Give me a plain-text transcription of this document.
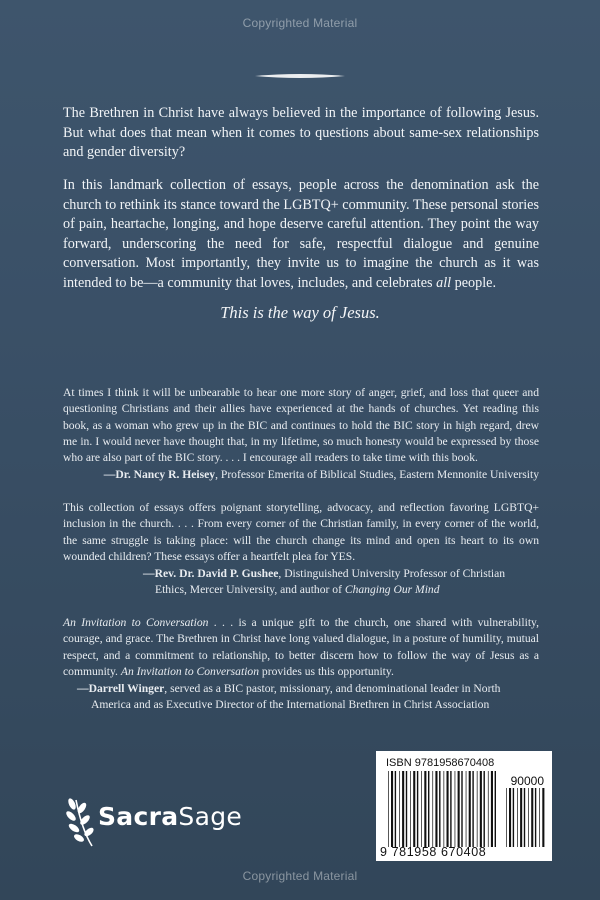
Copyrighted Material

The Brethren in Christ have always believed in the importance of following Jesus. But what does that mean when it comes to questions about same-sex relationships and gender diversity?

In this landmark collection of essays, people across the denomination ask the church to rethink its stance toward the LGBTQ+ community. These personal stories of pain, heartache, longing, and hope deserve careful attention. They point the way forward, underscoring the need for safe, respectful dialogue and genuine conversation. Most importantly, they invite us to imagine the church as it was intended to be—a community that loves, includes, and celebrates all people.

This is the way of Jesus.

At times I think it will be unbearable to hear one more story of anger, grief, and loss that queer and questioning Christians and their allies have experienced at the hands of churches. Yet reading this book, as a woman who grew up in the BIC and continues to hold the BIC story in high regard, drew me in. I would never have thought that, in my lifetime, so much honesty would be expressed by those who are also part of the BIC story. . . . I encourage all readers to take time with this book.

—Dr. Nancy R. Heisey, Professor Emerita of Biblical Studies, Eastern Mennonite University

This collection of essays offers poignant storytelling, advocacy, and reflection favoring LGBTQ+ inclusion in the church. . . . From every corner of the Christian family, in every corner of the world, the same struggle is taking place: will the church change its mind and open its heart to its own wounded children? These essays offer a heartfelt plea for YES.

—Rev. Dr. David P. Gushee, Distinguished University Professor of Christian
Ethics, Mercer University, and author of Changing Our Mind

An Invitation to Conversation . . . is a unique gift to the church, one shared with vulnerability, courage, and grace. The Brethren in Christ have long valued dialogue, in a posture of humility, mutual respect, and a commitment to relationship, to better discern how to follow the way of Jesus as a community. An Invitation to Conversation provides us this opportunity.

—Darrell Winger, served as a BIC pastor, missionary, and denominational leader in North
America and as Executive Director of the International Brethren in Christ Association
SacraSage
ISBN 9781958670408
90000
9 781958 670408
Copyrighted Material
